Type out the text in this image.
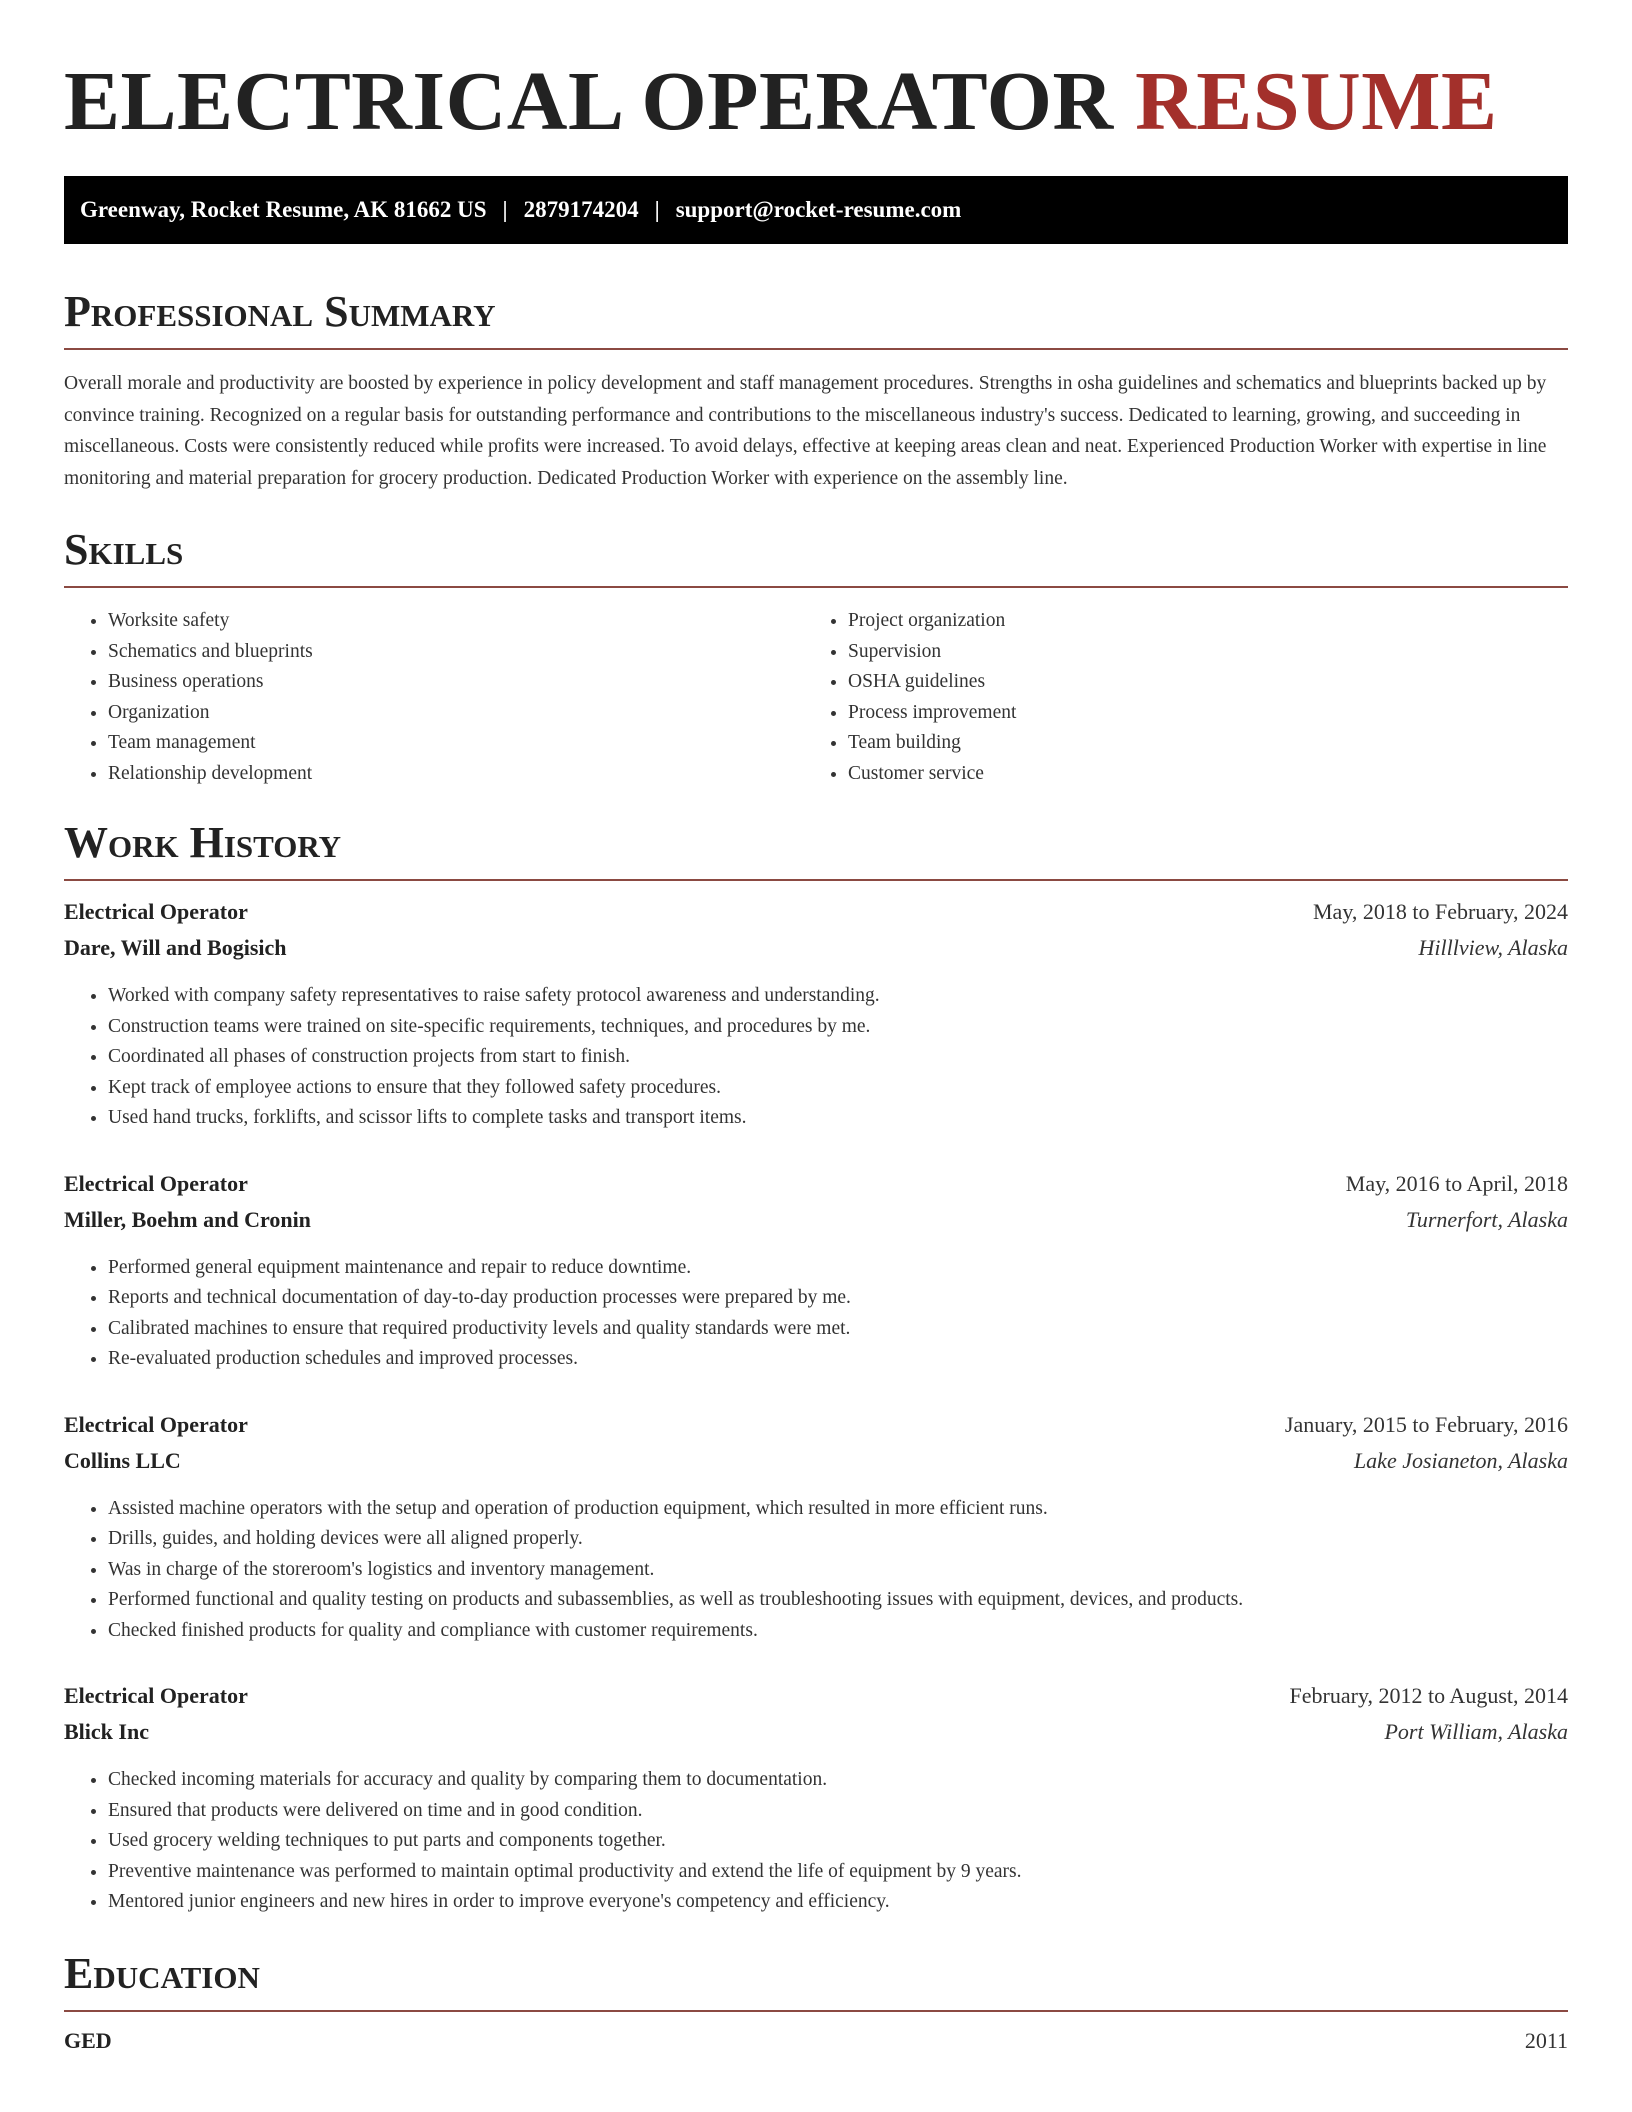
ELECTRICAL OPERATOR RESUME
Greenway, Rocket Resume, AK 81662 US | 2879174204 | support@rocket-resume.com
Professional Summary

Overall morale and productivity are boosted by experience in policy development and staff management procedures. Strengths in osha guidelines and schematics and blueprints backed up by convince training. Recognized on a regular basis for outstanding performance and contributions to the miscellaneous industry's success. Dedicated to learning, growing, and succeeding in miscellaneous. Costs were consistently reduced while profits were increased. To avoid delays, effective at keeping areas clean and neat. Experienced Production Worker with expertise in line monitoring and material preparation for grocery production. Dedicated Production Worker with experience on the assembly line.

Skills
• Worksite safety
• Schematics and blueprints
• Business operations
• Organization
• Team management
• Relationship development
• Project organization
• Supervision
• OSHA guidelines
• Process improvement
• Team building
• Customer service
Work History
Electrical Operator	May, 2018 to February, 2024
Dare, Will and Bogisich	Hilllview, Alaska
• Worked with company safety representatives to raise safety protocol awareness and understanding.
• Construction teams were trained on site-specific requirements, techniques, and procedures by me.
• Coordinated all phases of construction projects from start to finish.
• Kept track of employee actions to ensure that they followed safety procedures.
• Used hand trucks, forklifts, and scissor lifts to complete tasks and transport items.
Electrical Operator	May, 2016 to April, 2018
Miller, Boehm and Cronin	Turnerfort, Alaska
• Performed general equipment maintenance and repair to reduce downtime.
• Reports and technical documentation of day-to-day production processes were prepared by me.
• Calibrated machines to ensure that required productivity levels and quality standards were met.
• Re-evaluated production schedules and improved processes.
Electrical Operator	January, 2015 to February, 2016
Collins LLC	Lake Josianeton, Alaska
• Assisted machine operators with the setup and operation of production equipment, which resulted in more efficient runs.
• Drills, guides, and holding devices were all aligned properly.
• Was in charge of the storeroom's logistics and inventory management.
• Performed functional and quality testing on products and subassemblies, as well as troubleshooting issues with equipment, devices, and products.
• Checked finished products for quality and compliance with customer requirements.
Electrical Operator	February, 2012 to August, 2014
Blick Inc	Port William, Alaska
• Checked incoming materials for accuracy and quality by comparing them to documentation.
• Ensured that products were delivered on time and in good condition.
• Used grocery welding techniques to put parts and components together.
• Preventive maintenance was performed to maintain optimal productivity and extend the life of equipment by 9 years.
• Mentored junior engineers and new hires in order to improve everyone's competency and efficiency.
Education
GED	2011
